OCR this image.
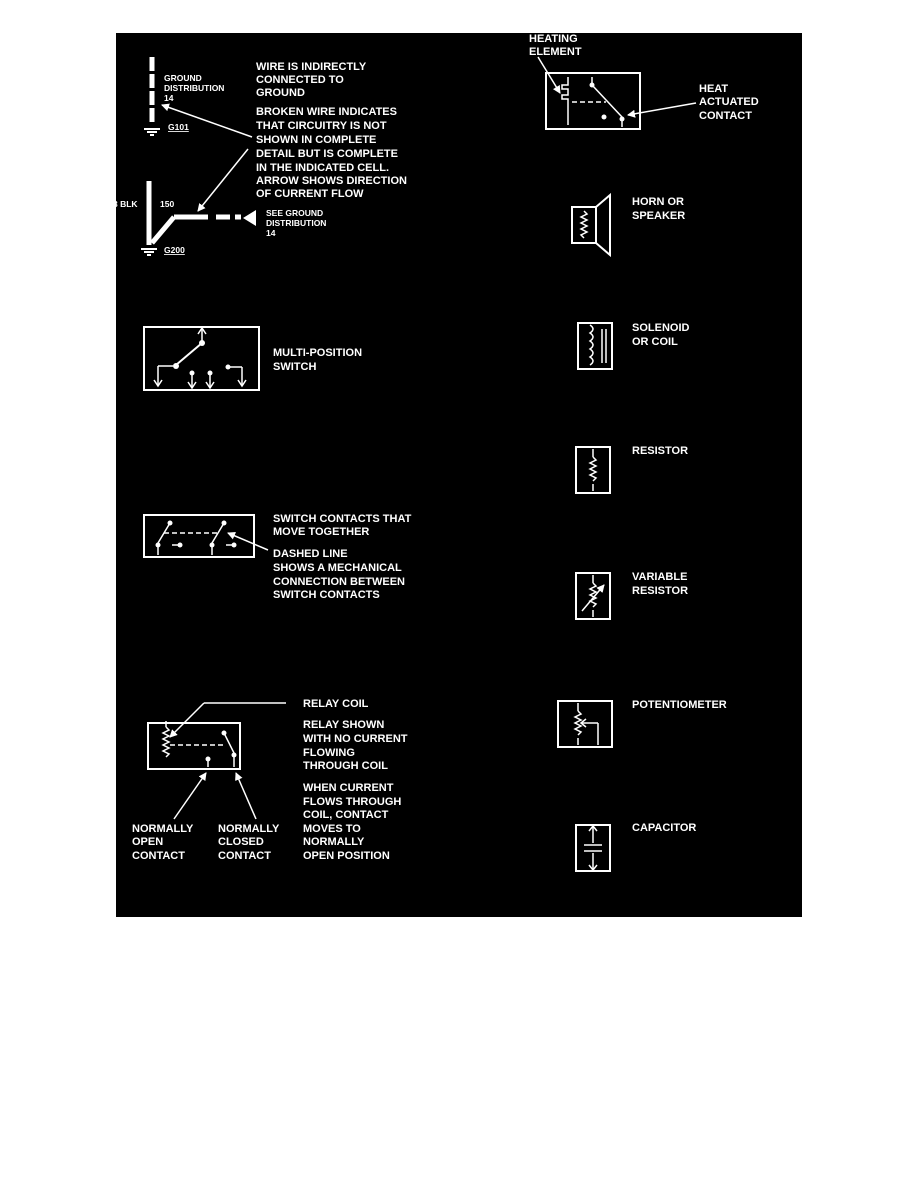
GROUND DISTRIBUTION 14
G101
WIRE IS INDIRECTLY CONNECTED TO GROUND
BROKEN WIRE INDICATES THAT CIRCUITRY IS NOT SHOWN IN COMPLETE DETAIL BUT IS COMPLETE IN THE INDICATED CELL. ARROW SHOWS DIRECTION OF CURRENT FLOW
3 BLK	150
SEE GROUND DISTRIBUTION 14
G200
MULTI-POSITION SWITCH
SWITCH CONTACTS THAT MOVE TOGETHER
DASHED LINE SHOWS A MECHANICAL CONNECTION BETWEEN SWITCH CONTACTS
RELAY COIL
RELAY SHOWN WITH NO CURRENT FLOWING THROUGH COIL
WHEN CURRENT FLOWS THROUGH COIL, CONTACT MOVES TO NORMALLY OPEN POSITION
NORMALLY OPEN CONTACT
NORMALLY CLOSED CONTACT
HEATING ELEMENT
HEAT ACTUATED CONTACT
HORN OR SPEAKER
SOLENOID OR COIL
RESISTOR
VARIABLE RESISTOR
POTENTIOMETER
CAPACITOR
